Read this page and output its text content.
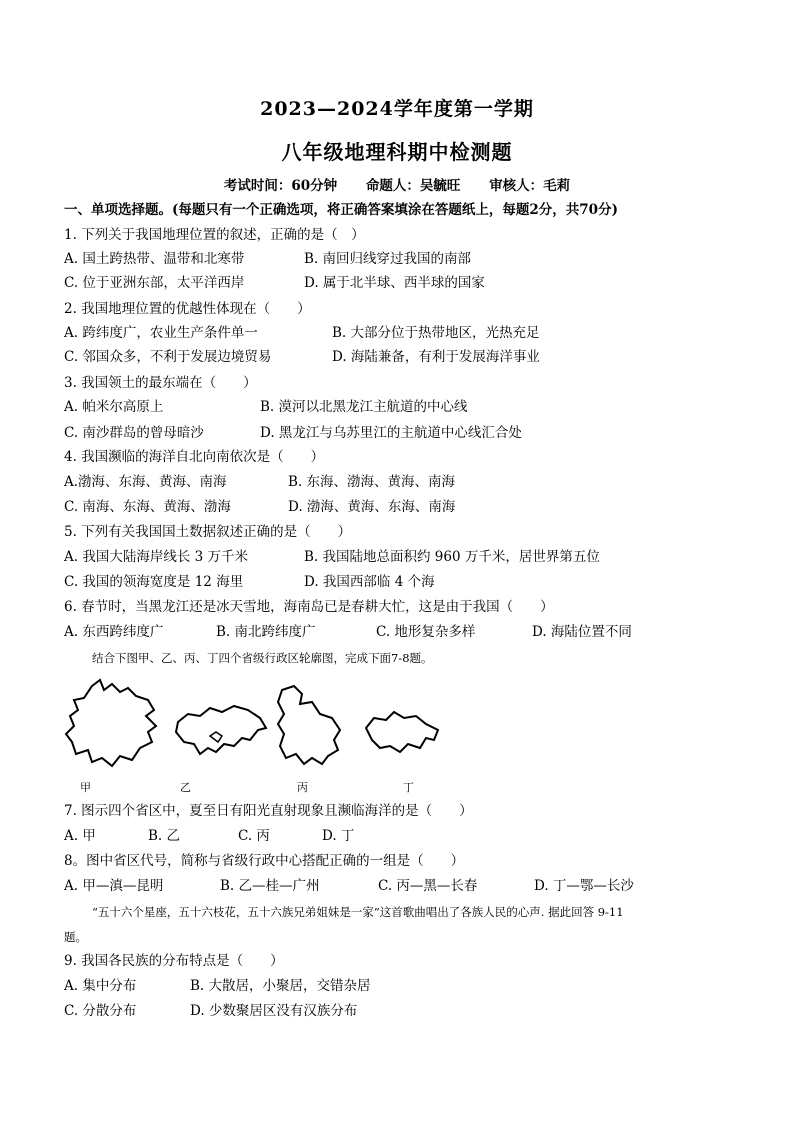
2023—2024学年度第一学期
八年级地理科期中检测题
考试时间：60分钟 命题人：吴毓旺 审核人：毛莉
一、单项选择题。(每题只有一个正确选项，将正确答案填涂在答题纸上，每题2分，共70分)
1. 下列关于我国地理位置的叙述，正确的是（　）
A. 国土跨热带、温带和北寒带	B. 南回归线穿过我国的南部
C. 位于亚洲东部，太平洋西岸	D. 属于北半球、西半球的国家
2. 我国地理位置的优越性体现在（　　）
A. 跨纬度广，农业生产条件单一	B. 大部分位于热带地区，光热充足
C. 邻国众多，不利于发展边境贸易	D. 海陆兼备，有利于发展海洋事业
3. 我国领土的最东端在（　　）
A. 帕米尔高原上	B. 漠河以北黑龙江主航道的中心线
C. 南沙群岛的曾母暗沙	D. 黑龙江与乌苏里江的主航道中心线汇合处
4. 我国濒临的海洋自北向南依次是（　　）
A.渤海、东海、黄海、南海	B. 东海、渤海、黄海、南海
C. 南海、东海、黄海、渤海	D. 渤海、黄海、东海、南海
5. 下列有关我国国土数据叙述正确的是（　　）
A. 我国大陆海岸线长 3 万千米	B. 我国陆地总面积约 960 万千米，居世界第五位
C. 我国的领海宽度是 12 海里	D. 我国西部临 4 个海
6. 春节时，当黑龙江还是冰天雪地，海南岛已是春耕大忙，这是由于我国（　　）
A. 东西跨纬度广	B. 南北跨纬度广	C. 地形复杂多样	D. 海陆位置不同
结合下图甲、乙、丙、丁四个省级行政区轮廓图，完成下面7-8题。
甲	乙	丙	丁
7. 图示四个省区中，夏至日有阳光直射现象且濒临海洋的是（　　）
A. 甲	B. 乙	C. 丙	D. 丁
8。图中省区代号，简称与省级行政中心搭配正确的一组是（　　）
A. 甲—滇—昆明	B. 乙—桂—广州	C. 丙—黑—长春	D. 丁—鄂—长沙
“五十六个星座，五十六枝花，五十六族兄弟姐妹是一家”这首歌曲唱出了各族人民的心声. 据此回答 9-11
题。
9. 我国各民族的分布特点是（　　）
A. 集中分布	B. 大散居，小聚居，交错杂居
C. 分散分布	D. 少数聚居区没有汉族分布
